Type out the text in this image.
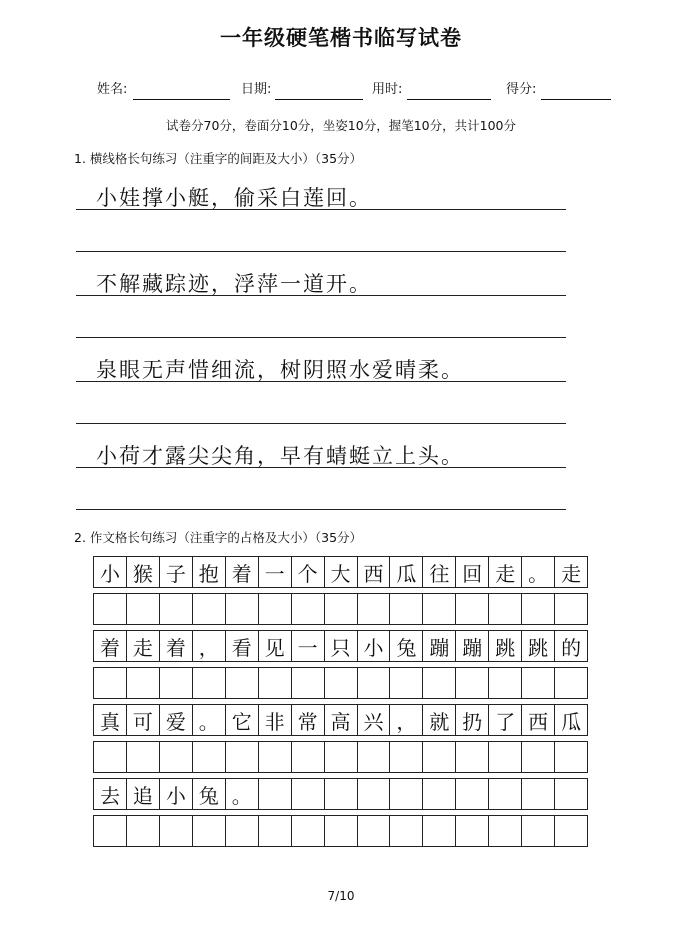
一年级硬笔楷书临写试卷
姓名:	日期:	用时:	得分:
试卷分70分，卷面分10分，坐姿10分，握笔10分，共计100分
1. 横线格长句练习（注重字的间距及大小）（35分）
小娃撑小艇，偷采白莲回。
不解藏踪迹，浮萍一道开。
泉眼无声惜细流，树阴照水爱晴柔。
小荷才露尖尖角，早有蜻蜓立上头。
2. 作文格长句练习（注重字的占格及大小）（35分）
小 猴 子 抱 着 一 个 大 西 瓜 往 回 走 。 走
着 走 着 ， 看 见 一 只 小 兔 蹦 蹦 跳 跳 的
真 可 爱 。 它 非 常 高 兴 ， 就 扔 了 西 瓜
去 追 小 兔 。
7/10
